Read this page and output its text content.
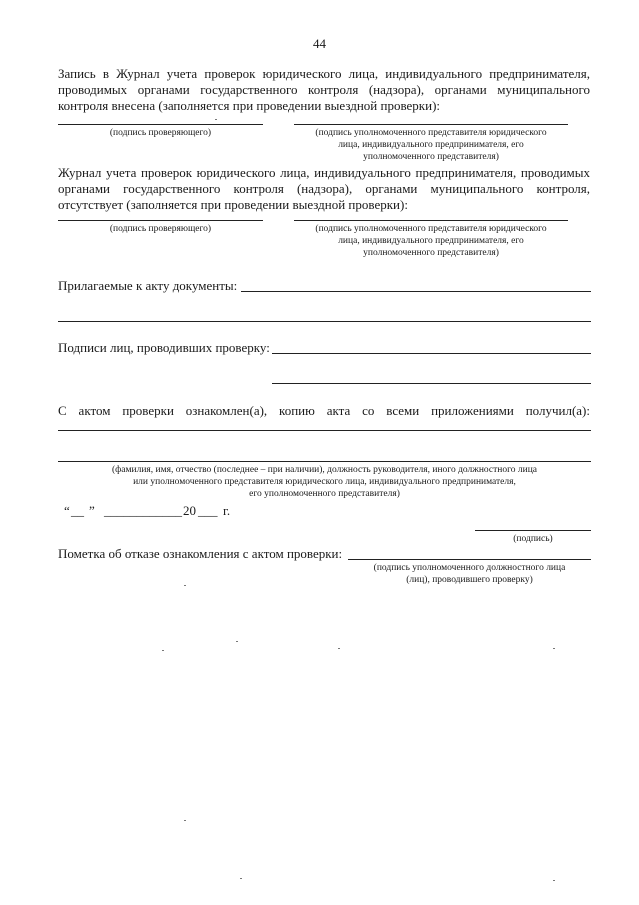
44
Запись в Журнал учета проверок юридического лица, индивидуального предпринимателя,
проводимых органами государственного контроля (надзора), органами муниципального
контроля внесена (заполняется при проведении выездной проверки):
(подпись проверяющего)	(подпись уполномоченного представителя юридического
лица, индивидуального предпринимателя, его
уполномоченного представителя)
Журнал учета проверок юридического лица, индивидуального предпринимателя, проводимых
органами государственного контроля (надзора), органами муниципального контроля,
отсутствует (заполняется при проведении выездной проверки):
(подпись проверяющего)	(подпись уполномоченного представителя юридического
лица, индивидуального предпринимателя, его
уполномоченного представителя)
Прилагаемые к акту документы:
Подписи лиц, проводивших проверку:
С актом проверки ознакомлен(а), копию акта со всеми приложениями получил(а):
(фамилия, имя, отчество (последнее – при наличии), должность руководителя, иного должностного лица
или уполномоченного представителя юридического лица, индивидуального предпринимателя,
его уполномоченного представителя)
“ __ ” ____________ 20 ___ г.
(подпись)
Пометка об отказе ознакомления с актом проверки:
(подпись уполномоченного должностного лица
(лиц), проводившего проверку)
